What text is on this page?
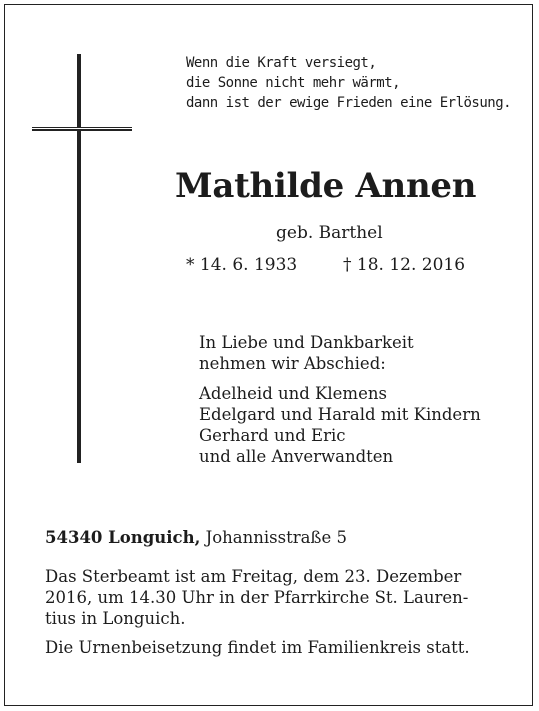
Wenn die Kraft versiegt,
die Sonne nicht mehr wärmt,
dann ist der ewige Frieden eine Erlösung.
Mathilde Annen
geb. Barthel
* 14. 6. 1933	† 18. 12. 2016
In Liebe und Dankbarkeit
nehmen wir Abschied:
Adelheid und Klemens
Edelgard und Harald mit Kindern
Gerhard und Eric
und alle Anverwandten
54340 Longuich, Johannisstraße 5
Das Sterbeamt ist am Freitag, dem 23. Dezember
2016, um 14.30 Uhr in der Pfarrkirche St. Lauren-
tius in Longuich.
Die Urnenbeisetzung findet im Familienkreis statt.
